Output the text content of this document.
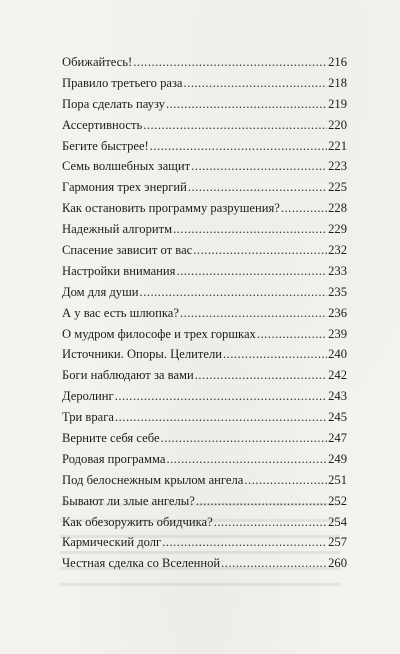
Обижайтесь! .....	216
Правило третьего раза .....	218
Пора сделать паузу .....	219
Ассертивность .....	220
Бегите быстрее! .....	221
Семь волшебных защит .....	223
Гармония трех энергий .....	225
Как остановить программу разрушения? .....	228
Надежный алгоритм .....	229
Спасение зависит от вас .....	232
Настройки внимания .....	233
Дом для души .....	235
А у вас есть шлюпка? .....	236
О мудром философе и трех горшках .....	239
Источники. Опоры. Целители .....	240
Боги наблюдают за вами .....	242
Деролинг .....	243
Три врага .....	245
Верните себя себе .....	247
Родовая программа .....	249
Под белоснежным крылом ангела .....	251
Бывают ли злые ангелы? .....	252
Как обезоружить обидчика? .....	254
Кармический долг .....	257
Честная сделка со Вселенной .....	260
